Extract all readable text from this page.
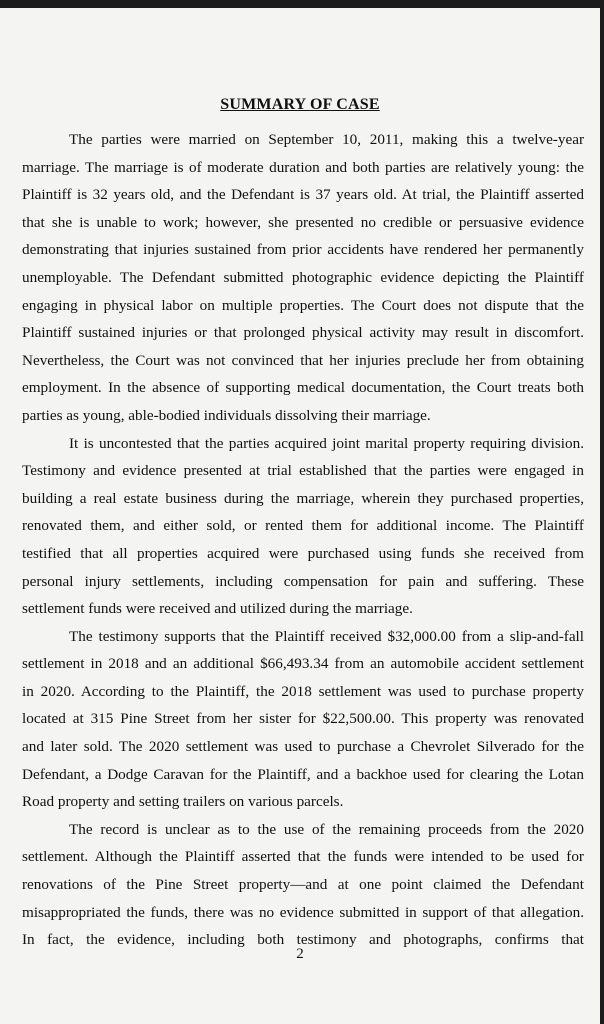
SUMMARY OF CASE

The parties were married on September 10, 2011, making this a twelve-year
marriage. The marriage is of moderate duration and both parties are relatively young: the
Plaintiff is 32 years old, and the Defendant is 37 years old. At trial, the Plaintiff asserted
that she is unable to work; however, she presented no credible or persuasive evidence
demonstrating that injuries sustained from prior accidents have rendered her permanently
unemployable. The Defendant submitted photographic evidence depicting the Plaintiff
engaging in physical labor on multiple properties. The Court does not dispute that the
Plaintiff sustained injuries or that prolonged physical activity may result in discomfort.
Nevertheless, the Court was not convinced that her injuries preclude her from obtaining
employment. In the absence of supporting medical documentation, the Court treats both
parties as young, able-bodied individuals dissolving their marriage.

It is uncontested that the parties acquired joint marital property requiring division.
Testimony and evidence presented at trial established that the parties were engaged in
building a real estate business during the marriage, wherein they purchased properties,
renovated them, and either sold, or rented them for additional income. The Plaintiff
testified that all properties acquired were purchased using funds she received from
personal injury settlements, including compensation for pain and suffering. These
settlement funds were received and utilized during the marriage.

The testimony supports that the Plaintiff received $32,000.00 from a slip-and-fall
settlement in 2018 and an additional $66,493.34 from an automobile accident settlement
in 2020. According to the Plaintiff, the 2018 settlement was used to purchase property
located at 315 Pine Street from her sister for $22,500.00. This property was renovated
and later sold. The 2020 settlement was used to purchase a Chevrolet Silverado for the
Defendant, a Dodge Caravan for the Plaintiff, and a backhoe used for clearing the Lotan
Road property and setting trailers on various parcels.

The record is unclear as to the use of the remaining proceeds from the 2020
settlement. Although the Plaintiff asserted that the funds were intended to be used for
renovations of the Pine Street property—and at one point claimed the Defendant
misappropriated the funds, there was no evidence submitted in support of that allegation.
In fact, the evidence, including both testimony and photographs, confirms that

2
